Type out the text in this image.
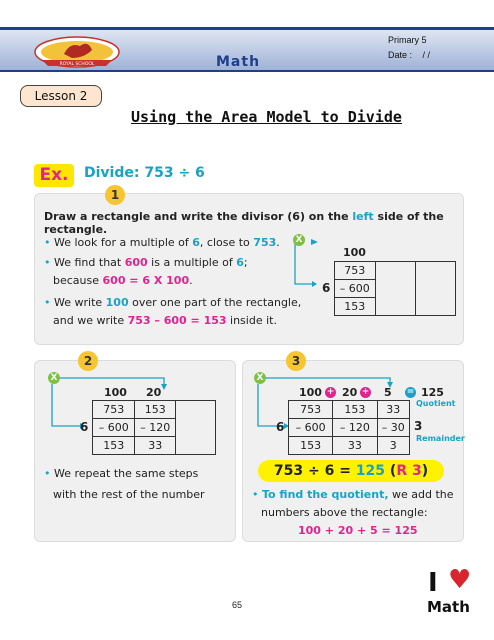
ROYAL SCHOOL	Math
Primary 5
Date : / /
Lesson 2
Using the Area Model to Divide
Ex.	Divide: 753 ÷ 6
1
Draw a rectangle and write the divisor (6) on the left side of the rectangle.
• We look for a multiple of 6, close to 753.
• We find that 600 is a multiple of 6;
because 600 = 6 X 100.
• We write 100 over one part of the rectangle,
and we write 753 – 600 = 153 inside it.
X
100
6
753		
– 600
153
2
X
100 20
6
753	153	
– 600	– 120	
153	33	
• We repeat the same steps
with the rest of the number
3
X
100 + 20 + 5 = 125
Quotient
6
753	153	33
– 600	– 120	– 30
153	33	3
3
Remainder
753 ÷ 6 = 125 (R 3)
• To find the quotient, we add the
numbers above the rectangle:
100 + 20 + 5 = 125
65
I ♥
Math
